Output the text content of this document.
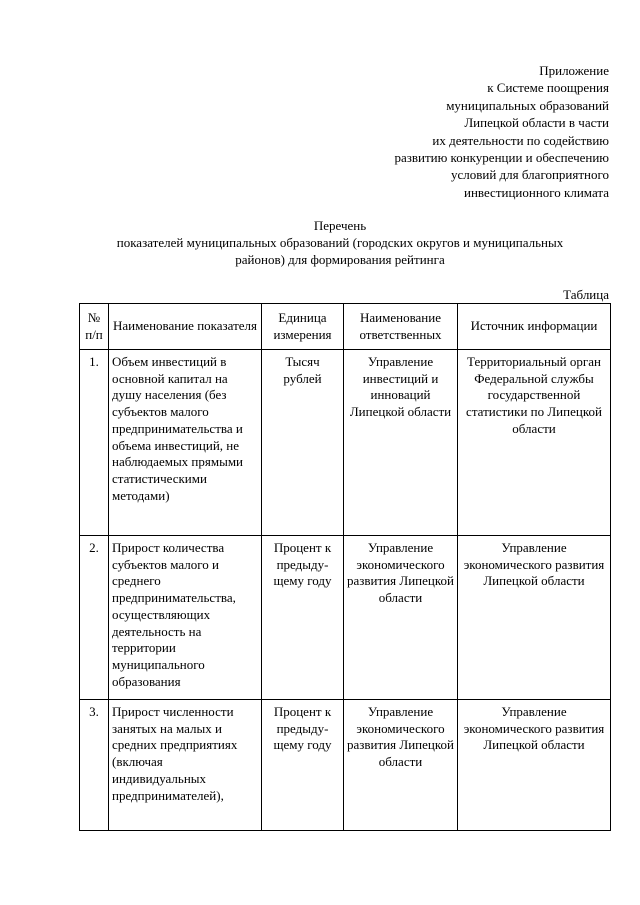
Приложение
к Системе поощрения
муниципальных образований
Липецкой области в части
их деятельности по содействию
развитию конкуренции и обеспечению
условий для благоприятного
инвестиционного климата
Перечень
показателей муниципальных образований (городских округов и муниципальных
районов) для формирования рейтинга
Таблица
№ п/п	Наименование показателя	Единица измерения	Наименование ответственных	Источник информации
1.	Объем инвестиций в основной капитал на душу населения (без субъектов малого предпринимательства и объема инвестиций, не наблюдаемых прямыми статистическими методами)	Тысяч рублей	Управление инвестиций и инноваций Липецкой области	Территориальный орган Федеральной службы государственной статистики по Липецкой области
2.	Прирост количества субъектов малого и среднего предпринимательства, осуществляющих деятельность на территории муниципального образования	Процент к предыду-щему году	Управление экономического развития Липецкой области	Управление экономического развития Липецкой области
3.	Прирост численности занятых на малых и средних предприятиях (включая индивидуальных предпринимателей),	Процент к предыду-щему году	Управление экономического развития Липецкой области	Управление экономического развития Липецкой области
